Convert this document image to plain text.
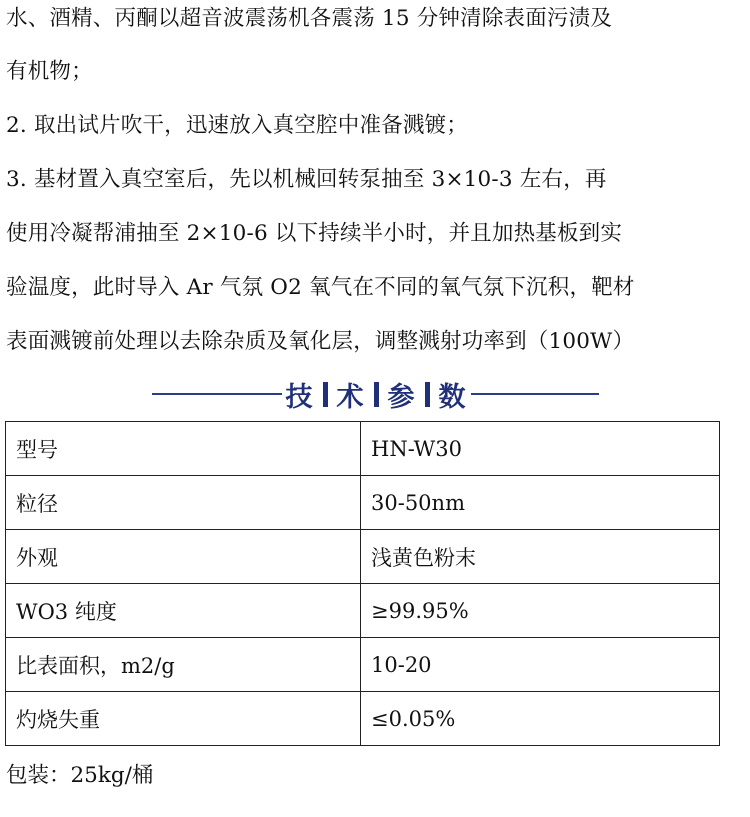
水、酒精、丙酮以超音波震荡机各震荡 15 分钟清除表面污渍及
有机物；
2. 取出试片吹干，迅速放入真空腔中准备溅镀；
3. 基材置入真空室后，先以机械回转泵抽至 3×10-3 左右，再
使用冷凝帮浦抽至 2×10-6 以下持续半小时，并且加热基板到实
验温度，此时导入 Ar 气氛 O2 氧气在不同的氧气氛下沉积，靶材
表面溅镀前处理以去除杂质及氧化层，调整溅射功率到（100W）
技 术 参 数
型号	HN-W30
粒径	30-50nm
外观	浅黄色粉末
WO3 纯度	≥99.95%
比表面积，m2/g	10-20
灼烧失重	≤0.05%
包装：25kg/桶
